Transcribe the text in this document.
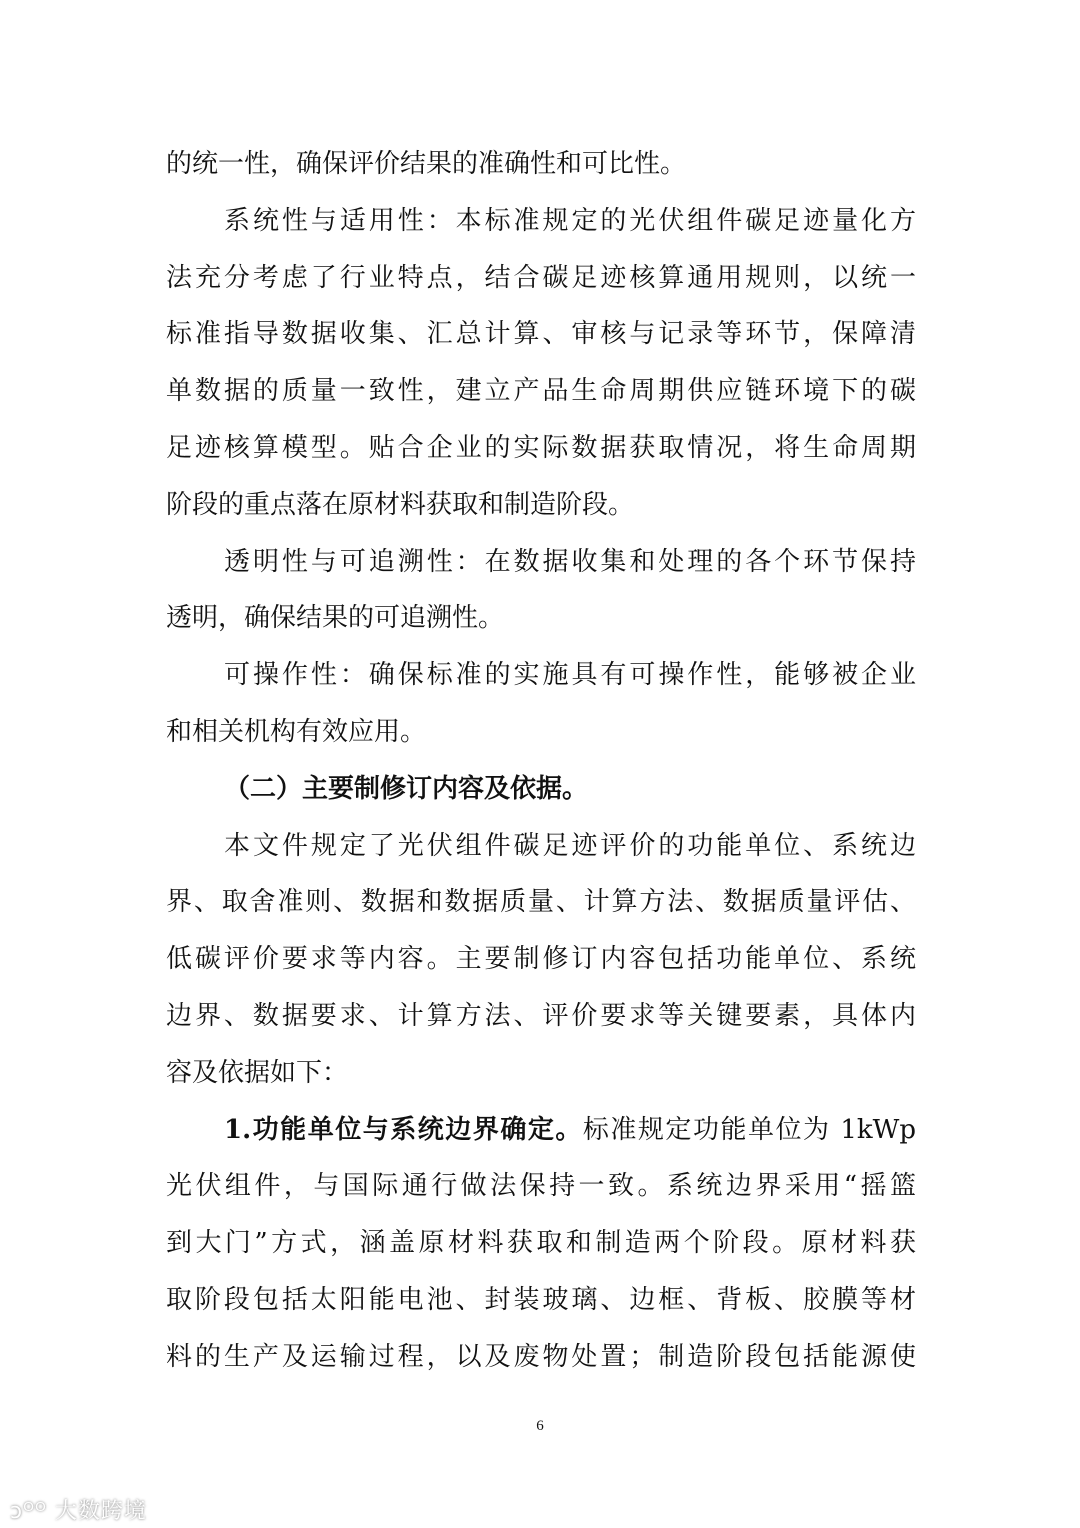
的统一性，确保评价结果的准确性和可比性。
系统性与适用性：本标准规定的光伏组件碳足迹量化方
法充分考虑了行业特点，结合碳足迹核算通用规则，以统一
标准指导数据收集、汇总计算、审核与记录等环节，保障清
单数据的质量一致性，建立产品生命周期供应链环境下的碳
足迹核算模型。贴合企业的实际数据获取情况，将生命周期
阶段的重点落在原材料获取和制造阶段。
透明性与可追溯性：在数据收集和处理的各个环节保持
透明，确保结果的可追溯性。
可操作性：确保标准的实施具有可操作性，能够被企业
和相关机构有效应用。
（二）主要制修订内容及依据。
本文件规定了光伏组件碳足迹评价的功能单位、系统边
界、取舍准则、数据和数据质量、计算方法、数据质量评估、
低碳评价要求等内容。主要制修订内容包括功能单位、系统
边界、数据要求、计算方法、评价要求等关键要素，具体内
容及依据如下：
1.功能单位与系统边界确定。标准规定功能单位为 1kWp
光伏组件，与国际通行做法保持一致。系统边界采用“摇篮
到大门”方式，涵盖原材料获取和制造两个阶段。原材料获
取阶段包括太阳能电池、封装玻璃、边框、背板、胶膜等材
料的生产及运输过程，以及废物处置；制造阶段包括能源使
6
ↄᴼᴼ 大数跨境
